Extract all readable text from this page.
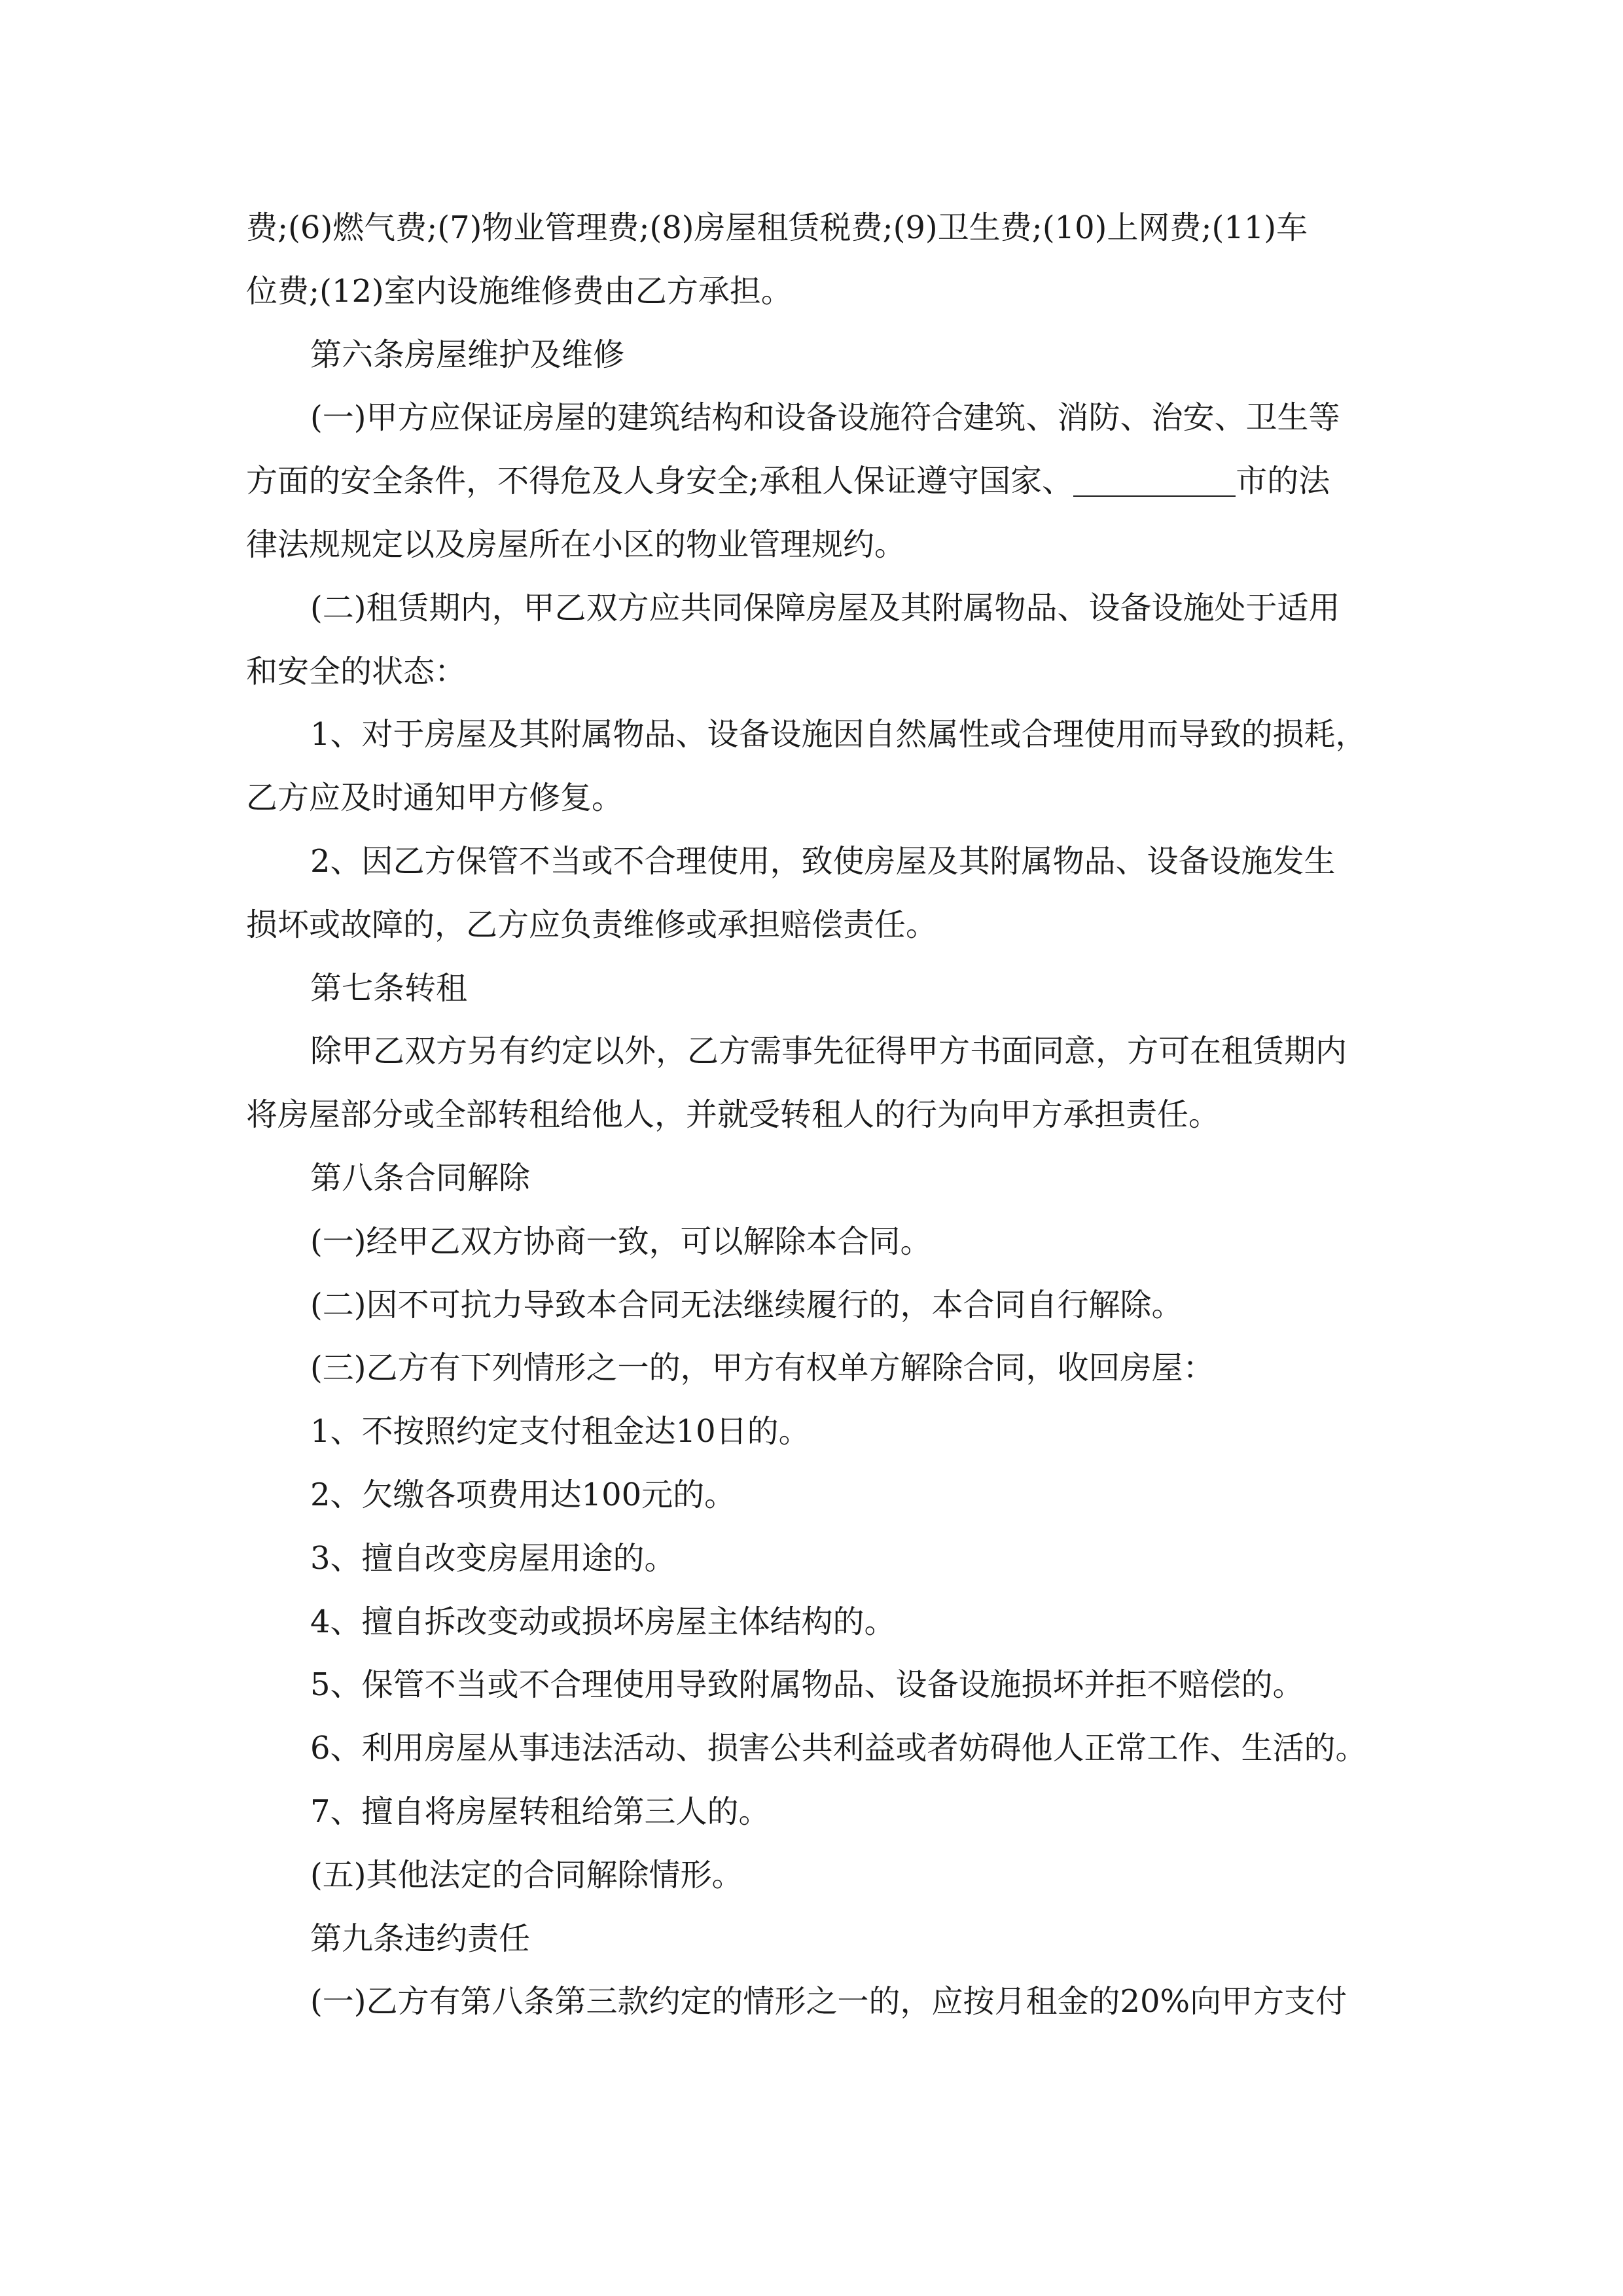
费;(6)燃气费;(7)物业管理费;(8)房屋租赁税费;(9)卫生费;(10)上网费;(11)车
位费;(12)室内设施维修费由乙方承担。
第六条房屋维护及维修
(一)甲方应保证房屋的建筑结构和设备设施符合建筑、消防、治安、卫生等
方面的安全条件，不得危及人身安全;承租人保证遵守国家、	市的法
律法规规定以及房屋所在小区的物业管理规约。
(二)租赁期内，甲乙双方应共同保障房屋及其附属物品、设备设施处于适用
和安全的状态：
1、对于房屋及其附属物品、设备设施因自然属性或合理使用而导致的损耗，
乙方应及时通知甲方修复。
2、因乙方保管不当或不合理使用，致使房屋及其附属物品、设备设施发生
损坏或故障的，乙方应负责维修或承担赔偿责任。
第七条转租
除甲乙双方另有约定以外，乙方需事先征得甲方书面同意，方可在租赁期内
将房屋部分或全部转租给他人，并就受转租人的行为向甲方承担责任。
第八条合同解除
(一)经甲乙双方协商一致，可以解除本合同。
(二)因不可抗力导致本合同无法继续履行的，本合同自行解除。
(三)乙方有下列情形之一的，甲方有权单方解除合同，收回房屋：
1、不按照约定支付租金达10日的。
2、欠缴各项费用达100元的。
3、擅自改变房屋用途的。
4、擅自拆改变动或损坏房屋主体结构的。
5、保管不当或不合理使用导致附属物品、设备设施损坏并拒不赔偿的。
6、利用房屋从事违法活动、损害公共利益或者妨碍他人正常工作、生活的。
7、擅自将房屋转租给第三人的。
(五)其他法定的合同解除情形。
第九条违约责任
(一)乙方有第八条第三款约定的情形之一的，应按月租金的20%向甲方支付
